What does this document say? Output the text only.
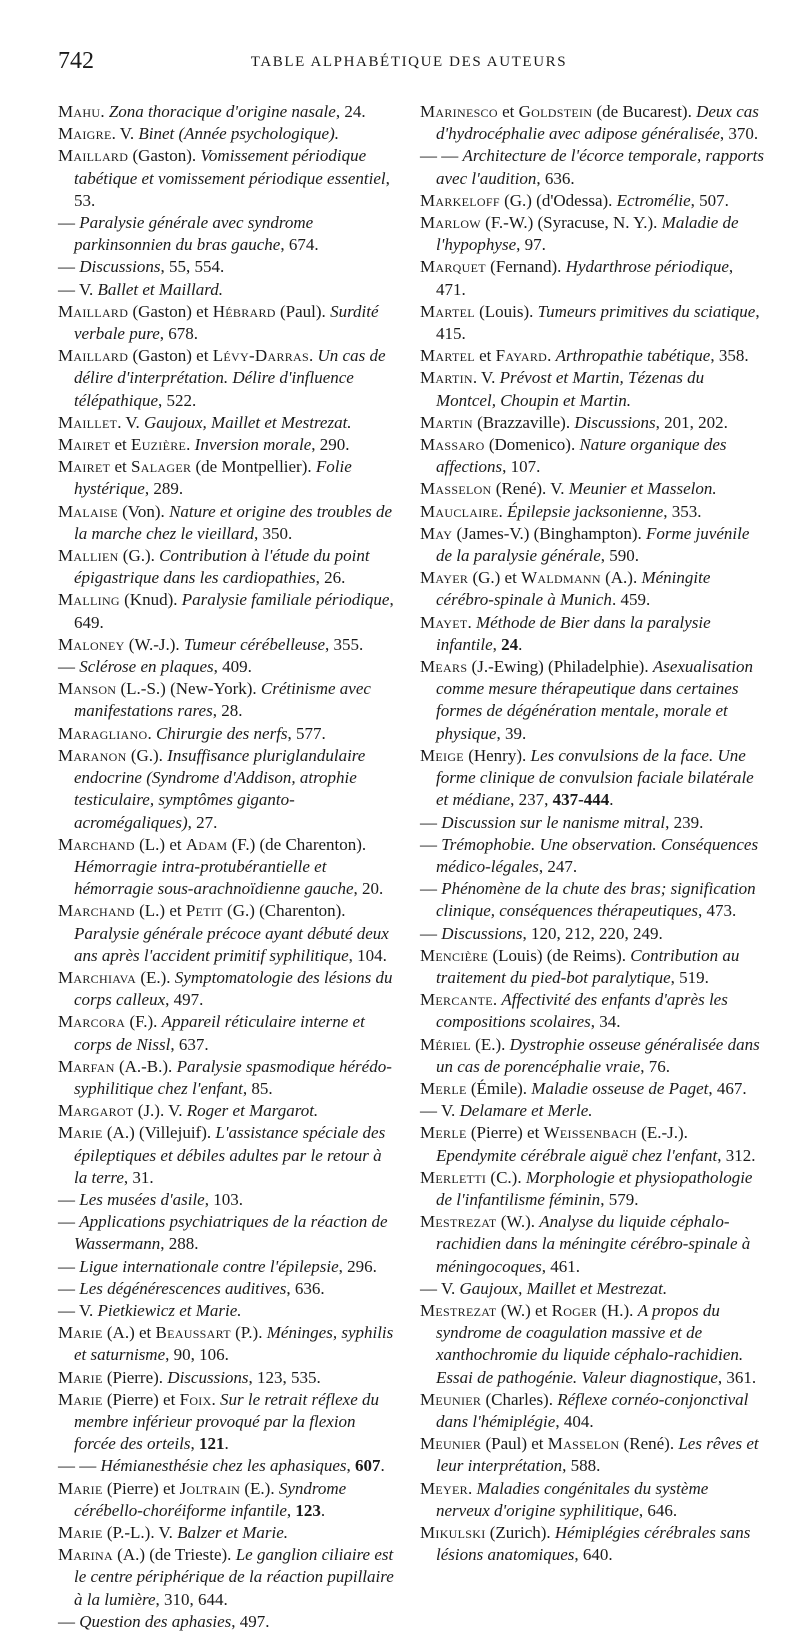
742	TABLE ALPHABÉTIQUE DES AUTEURS

Mahu. Zona thoracique d'origine nasale, 24.

Maigre. V. Binet (Année psychologique).

Maillard (Gaston). Vomissement périodique tabétique et vomissement périodique essentiel, 53.

— Paralysie générale avec syndrome parkinsonnien du bras gauche, 674.

— Discussions, 55, 554.

— V. Ballet et Maillard.

Maillard (Gaston) et Hébrard (Paul). Surdité verbale pure, 678.

Maillard (Gaston) et Lévy-Darras. Un cas de délire d'interprétation. Délire d'influence télépathique, 522.

Maillet. V. Gaujoux, Maillet et Mestrezat.

Mairet et Euzière. Inversion morale, 290.

Mairet et Salager (de Montpellier). Folie hystérique, 289.

Malaise (Von). Nature et origine des troubles de la marche chez le vieillard, 350.

Mallien (G.). Contribution à l'étude du point épigastrique dans les cardiopathies, 26.

Malling (Knud). Paralysie familiale périodique, 649.

Maloney (W.-J.). Tumeur cérébelleuse, 355.

— Sclérose en plaques, 409.

Manson (L.-S.) (New-York). Crétinisme avec manifestations rares, 28.

Maragliano. Chirurgie des nerfs, 577.

Maranon (G.). Insuffisance pluriglandulaire endocrine (Syndrome d'Addison, atrophie testiculaire, symptômes giganto-acromégaliques), 27.

Marchand (L.) et Adam (F.) (de Charenton). Hémorragie intra-protubérantielle et hémorragie sous-arachnoïdienne gauche, 20.

Marchand (L.) et Petit (G.) (Charenton). Paralysie générale précoce ayant débuté deux ans après l'accident primitif syphilitique, 104.

Marchiava (E.). Symptomatologie des lésions du corps calleux, 497.

Marcora (F.). Appareil réticulaire interne et corps de Nissl, 637.

Marfan (A.-B.). Paralysie spasmodique hérédo-syphilitique chez l'enfant, 85.

Margarot (J.). V. Roger et Margarot.

Marie (A.) (Villejuif). L'assistance spéciale des épileptiques et débiles adultes par le retour à la terre, 31.

— Les musées d'asile, 103.

— Applications psychiatriques de la réaction de Wassermann, 288.

— Ligue internationale contre l'épilepsie, 296.

— Les dégénérescences auditives, 636.

— V. Pietkiewicz et Marie.

Marie (A.) et Beaussart (P.). Méninges, syphilis et saturnisme, 90, 106.

Marie (Pierre). Discussions, 123, 535.

Marie (Pierre) et Foix. Sur le retrait réflexe du membre inférieur provoqué par la flexion forcée des orteils, 121.

— — Hémianesthésie chez les aphasiques, 607.

Marie (Pierre) et Joltrain (E.). Syndrome cérébello-choréiforme infantile, 123.

Marie (P.-L.). V. Balzer et Marie.

Marina (A.) (de Trieste). Le ganglion ciliaire est le centre périphérique de la réaction pupillaire à la lumière, 310, 644.

— Question des aphasies, 497.

Marinesco et Goldstein (de Bucarest). Deux cas d'hydrocéphalie avec adipose généralisée, 370.

— — Architecture de l'écorce temporale, rapports avec l'audition, 636.

Markeloff (G.) (d'Odessa). Ectromélie, 507.

Marlow (F.-W.) (Syracuse, N. Y.). Maladie de l'hypophyse, 97.

Marquet (Fernand). Hydarthrose périodique, 471.

Martel (Louis). Tumeurs primitives du sciatique, 415.

Martel et Fayard. Arthropathie tabétique, 358.

Martin. V. Prévost et Martin, Tézenas du Montcel, Choupin et Martin.

Martin (Brazzaville). Discussions, 201, 202.

Massaro (Domenico). Nature organique des affections, 107.

Masselon (René). V. Meunier et Masselon.

Mauclaire. Épilepsie jacksonienne, 353.

May (James-V.) (Binghampton). Forme juvénile de la paralysie générale, 590.

Mayer (G.) et Waldmann (A.). Méningite cérébro-spinale à Munich. 459.

Mayet. Méthode de Bier dans la paralysie infantile, 24.

Mears (J.-Ewing) (Philadelphie). Asexualisation comme mesure thérapeutique dans certaines formes de dégénération mentale, morale et physique, 39.

Meige (Henry). Les convulsions de la face. Une forme clinique de convulsion faciale bilatérale et médiane, 237, 437-444.

— Discussion sur le nanisme mitral, 239.

— Trémophobie. Une observation. Conséquences médico-légales, 247.

— Phénomène de la chute des bras; signification clinique, conséquences thérapeutiques, 473.

— Discussions, 120, 212, 220, 249.

Mencière (Louis) (de Reims). Contribution au traitement du pied-bot paralytique, 519.

Mercante. Affectivité des enfants d'après les compositions scolaires, 34.

Mériel (E.). Dystrophie osseuse généralisée dans un cas de porencéphalie vraie, 76.

Merle (Émile). Maladie osseuse de Paget, 467.

— V. Delamare et Merle.

Merle (Pierre) et Weissenbach (E.-J.). Ependymite cérébrale aiguë chez l'enfant, 312.

Merletti (C.). Morphologie et physiopathologie de l'infantilisme féminin, 579.

Mestrezat (W.). Analyse du liquide céphalo-rachidien dans la méningite cérébro-spinale à méningocoques, 461.

— V. Gaujoux, Maillet et Mestrezat.

Mestrezat (W.) et Roger (H.). A propos du syndrome de coagulation massive et de xanthochromie du liquide céphalo-rachidien. Essai de pathogénie. Valeur diagnostique, 361.

Meunier (Charles). Réflexe cornéo-conjonctival dans l'hémiplégie, 404.

Meunier (Paul) et Masselon (René). Les rêves et leur interprétation, 588.

Meyer. Maladies congénitales du système nerveux d'origine syphilitique, 646.

Mikulski (Zurich). Hémiplégies cérébrales sans lésions anatomiques, 640.
